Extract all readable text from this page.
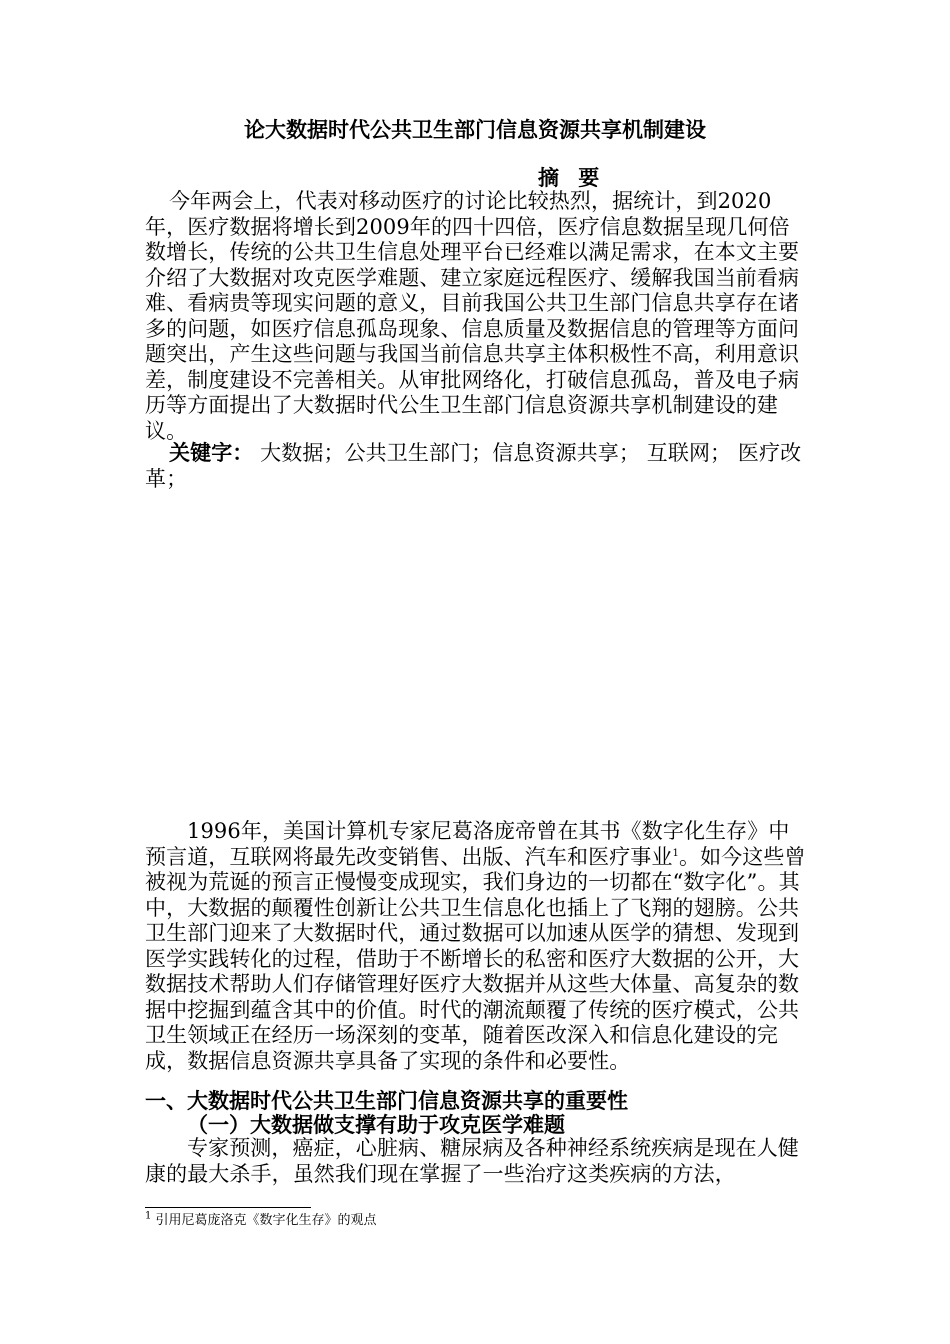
论大数据时代公共卫生部门信息资源共享机制建设
摘 要

今年两会上，代表对移动医疗的讨论比较热烈，据统计，到2020年，医疗数据将增长到2009年的四十四倍，医疗信息数据呈现几何倍数增长，传统的公共卫生信息处理平台已经难以满足需求，在本文主要介绍了大数据对攻克医学难题、建立家庭远程医疗、缓解我国当前看病难、看病贵等现实问题的意义，目前我国公共卫生部门信息共享存在诸多的问题，如医疗信息孤岛现象、信息质量及数据信息的管理等方面问题突出，产生这些问题与我国当前信息共享主体积极性不高，利用意识差，制度建设不完善相关。从审批网络化，打破信息孤岛，普及电子病历等方面提出了大数据时代公生卫生部门信息资源共享机制建设的建议。

关键字： 大数据；公共卫生部门；信息资源共享； 互联网； 医疗改革；

1996年，美国计算机专家尼葛洛庞帝曾在其书《数字化生存》中预言道，互联网将最先改变销售、出版、汽车和医疗事业$^1$。如今这些曾被视为荒诞的预言正慢慢变成现实，我们身边的一切都在“数字化”。其中，大数据的颠覆性创新让公共卫生信息化也插上了飞翔的翅膀。公共卫生部门迎来了大数据时代，通过数据可以加速从医学的猜想、发现到医学实践转化的过程，借助于不断增长的私密和医疗大数据的公开，大数据技术帮助人们存储管理好医疗大数据并从这些大体量、高复杂的数据中挖掘到蕴含其中的价值。时代的潮流颠覆了传统的医疗模式，公共卫生领域正在经历一场深刻的变革，随着医改深入和信息化建设的完成，数据信息资源共享具备了实现的条件和必要性。

一、大数据时代公共卫生部门信息资源共享的重要性
（一）大数据做支撑有助于攻克医学难题

专家预测，癌症，心脏病、糖尿病及各种神经系统疾病是现在人健康的最大杀手，虽然我们现在掌握了一些治疗这类疾病的方法，

$^1$ 引用尼葛庞洛克《数字化生存》的观点
